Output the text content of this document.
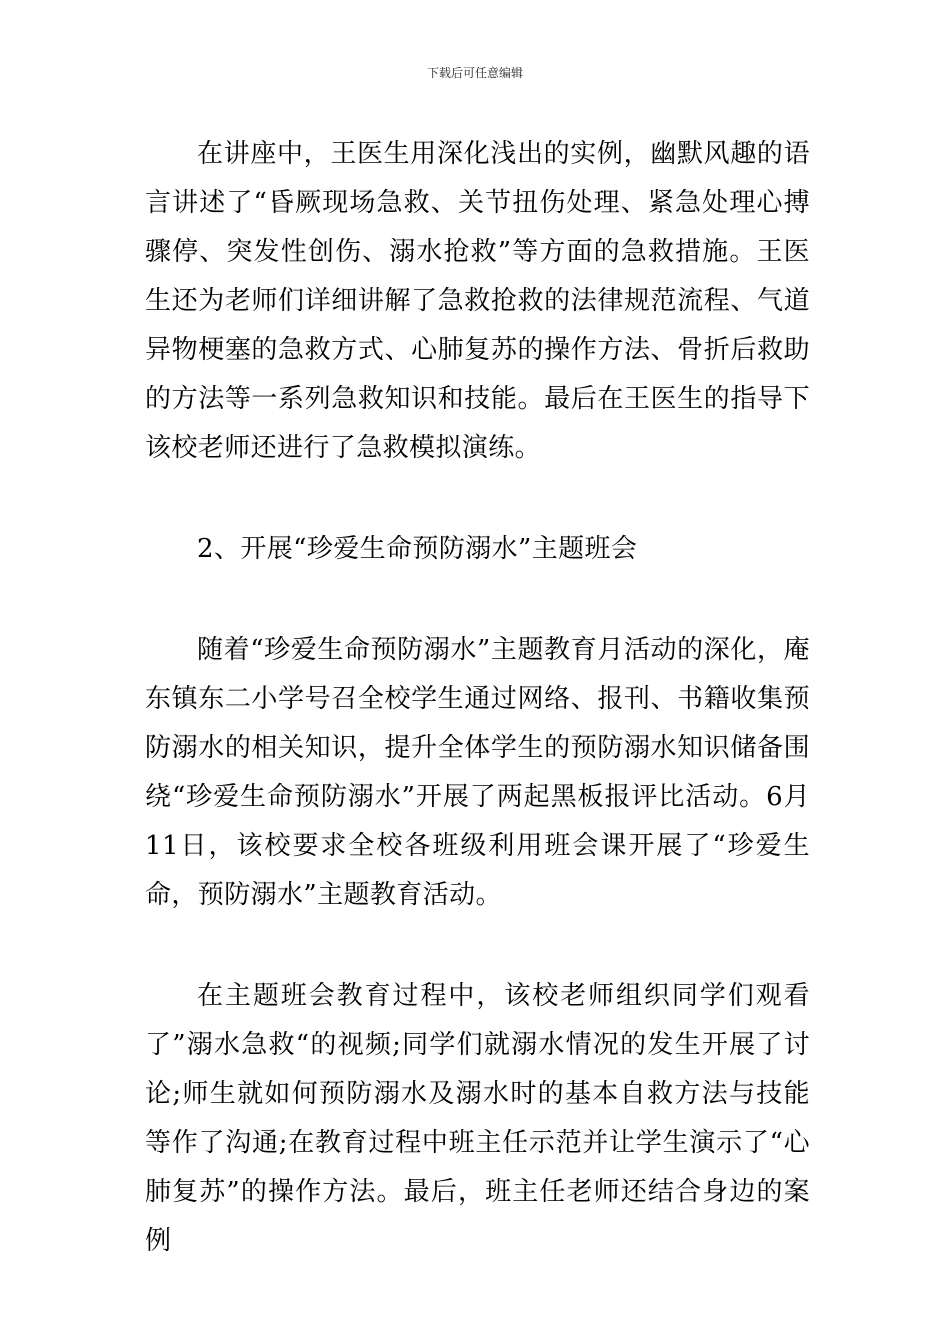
下载后可任意编辑

在讲座中，王医生用深化浅出的实例，幽默风趣的语言讲述了“昏厥现场急救、关节扭伤处理、紧急处理心搏骤停、突发性创伤、溺水抢救”等方面的急救措施。王医生还为老师们详细讲解了急救抢救的法律规范流程、气道异物梗塞的急救方式、心肺复苏的操作方法、骨折后救助的方法等一系列急救知识和技能。最后在王医生的指导下该校老师还进行了急救模拟演练。

2、开展“珍爱生命预防溺水”主题班会

随着“珍爱生命预防溺水”主题教育月活动的深化，庵东镇东二小学号召全校学生通过网络、报刊、书籍收集预防溺水的相关知识，提升全体学生的预防溺水知识储备围绕“珍爱生命预防溺水”开展了两起黑板报评比活动。6月11日，该校要求全校各班级利用班会课开展了“珍爱生命，预防溺水”主题教育活动。

在主题班会教育过程中，该校老师组织同学们观看了”溺水急救“的视频;同学们就溺水情况的发生开展了讨论;师生就如何预防溺水及溺水时的基本自救方法与技能等作了沟通;在教育过程中班主任示范并让学生演示了“心肺复苏”的操作方法。最后，班主任老师还结合身边的案例
